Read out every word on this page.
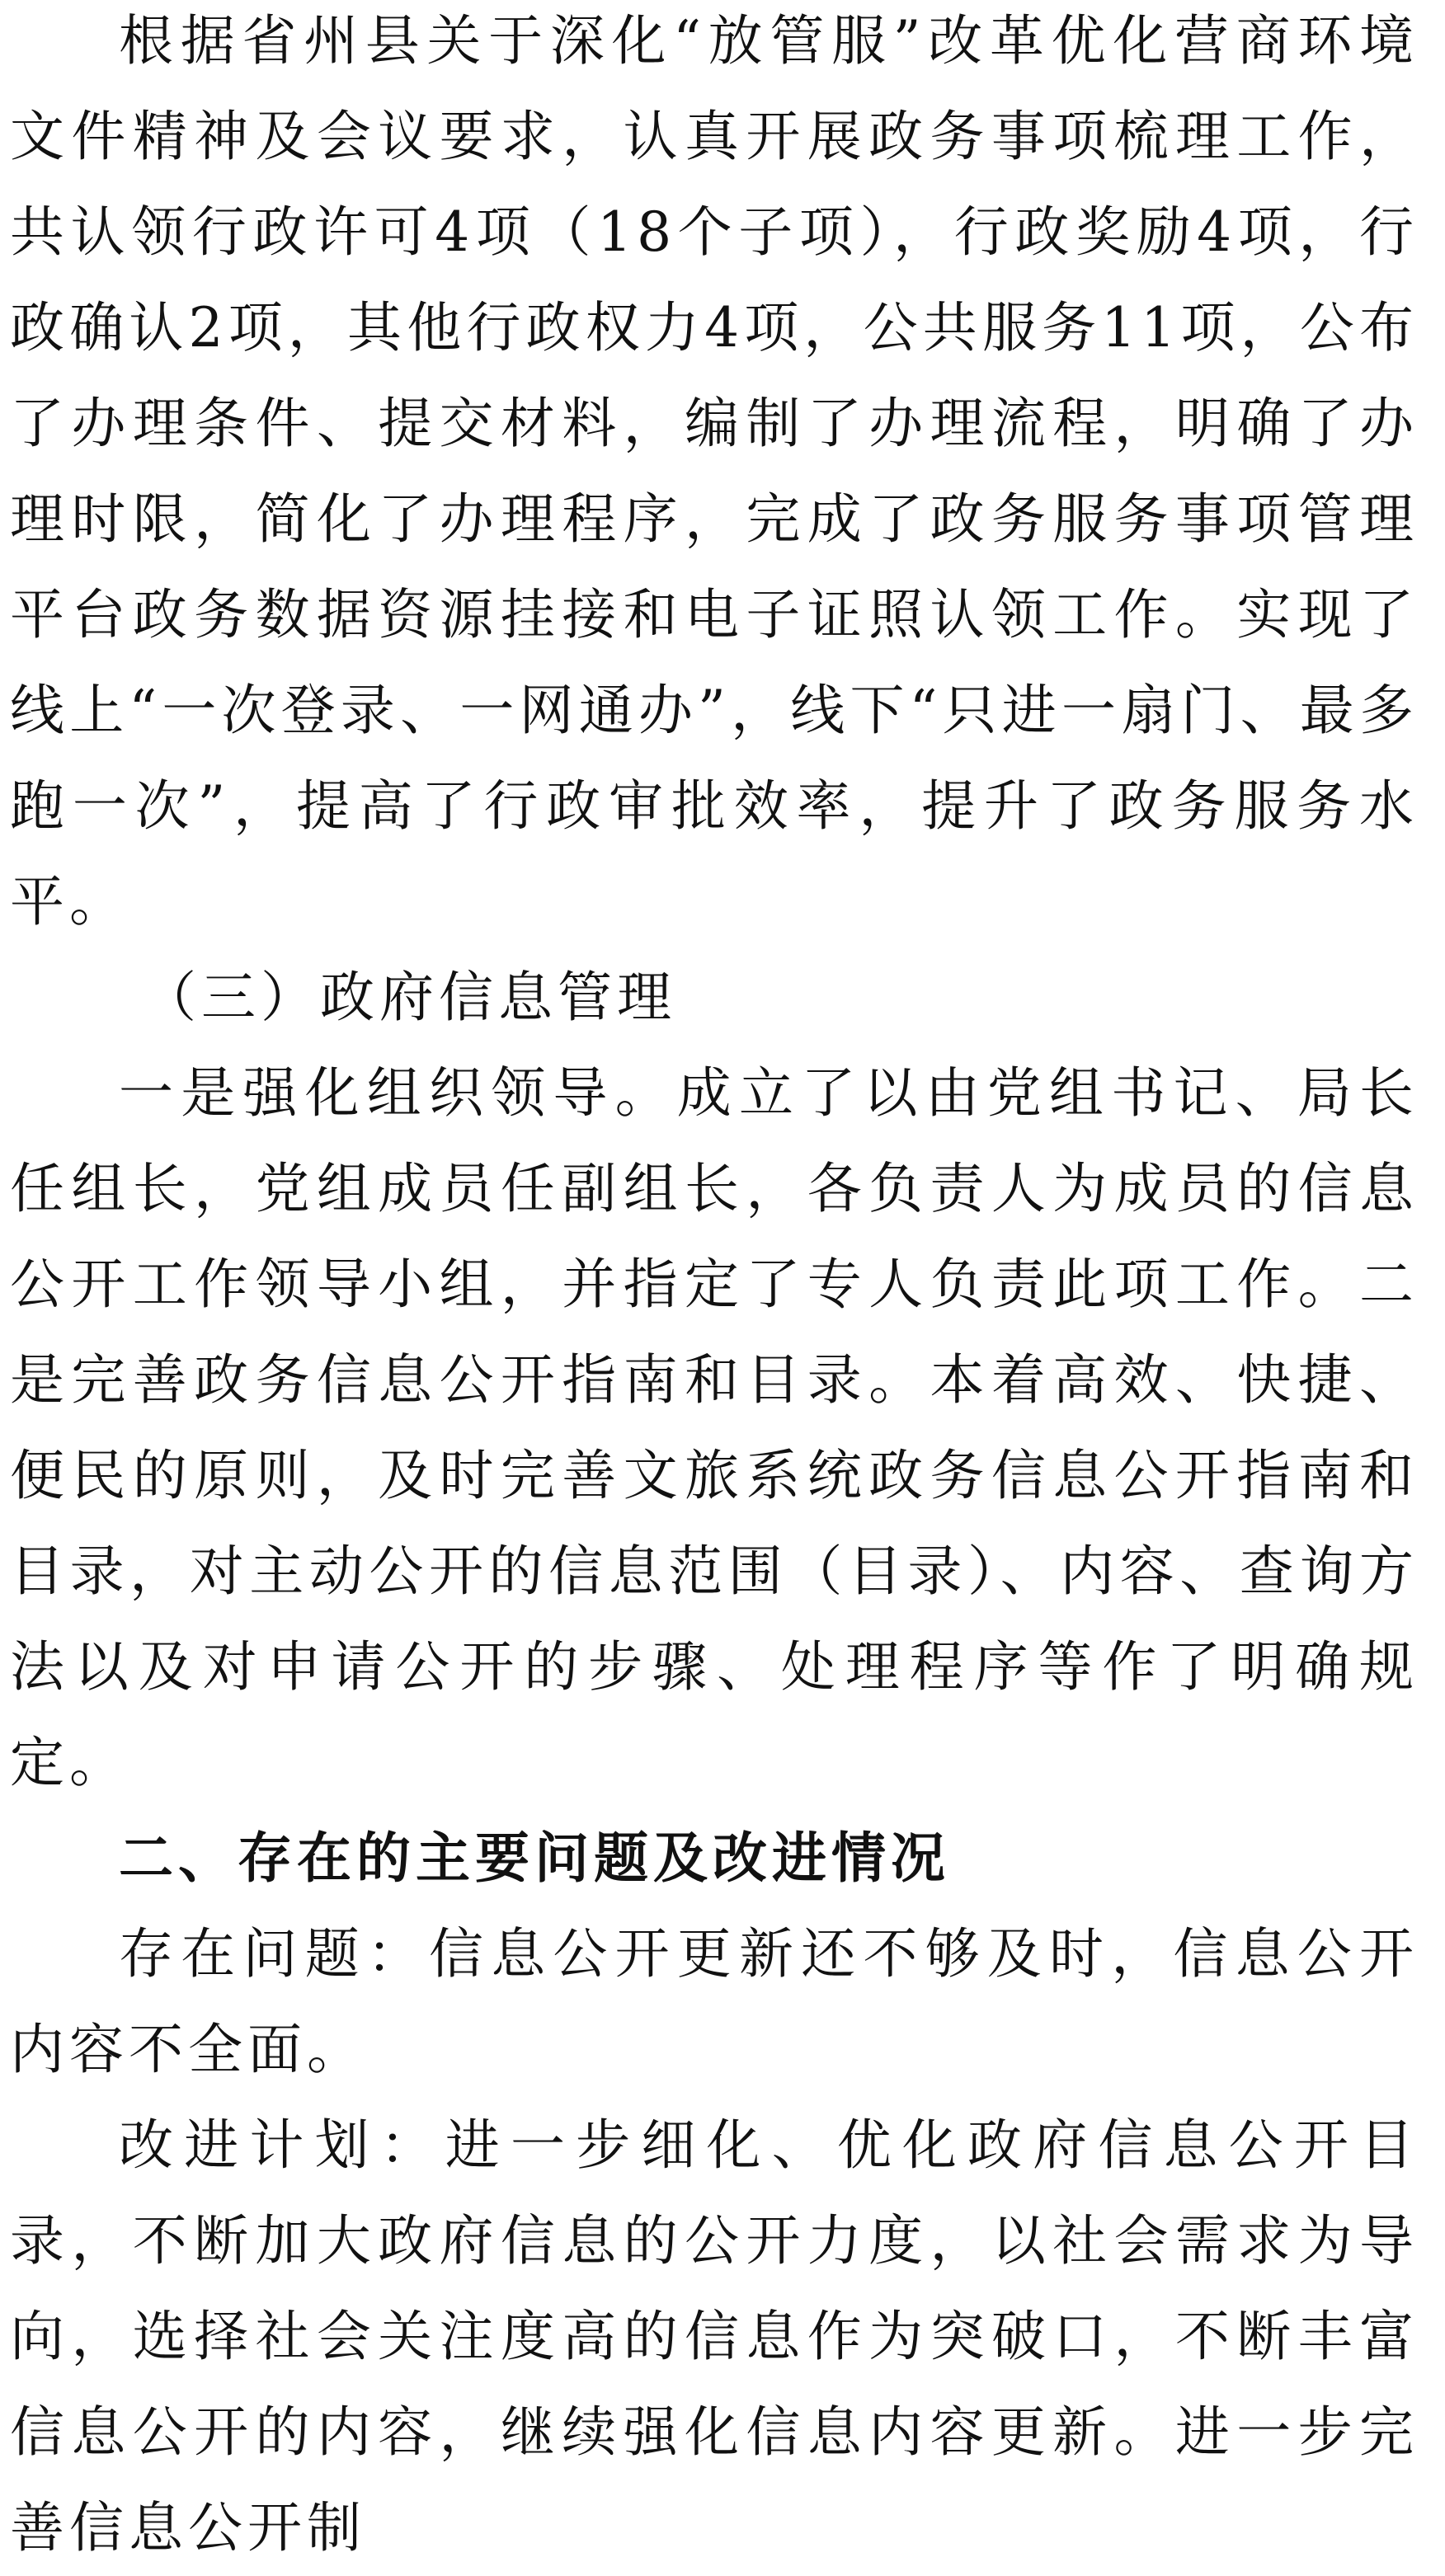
根据省州县关于深化“放管服”改革优化营商环境文件精神及会议要求，认真开展政务事项梳理工作，共认领行政许可4项（18个子项），行政奖励4项，行政确认2项，其他行政权力4项，公共服务11项，公布了办理条件、提交材料，编制了办理流程，明确了办理时限，简化了办理程序，完成了政务服务事项管理平台政务数据资源挂接和电子证照认领工作。实现了线上“一次登录、一网通办”，线下“只进一扇门、最多跑一次”，提高了行政审批效率，提升了政务服务水平。

（三）政府信息管理

一是强化组织领导。成立了以由党组书记、局长任组长，党组成员任副组长，各负责人为成员的信息公开工作领导小组，并指定了专人负责此项工作。二是完善政务信息公开指南和目录。本着高效、快捷、便民的原则，及时完善文旅系统政务信息公开指南和目录，对主动公开的信息范围（目录）、内容、查询方法以及对申请公开的步骤、处理程序等作了明确规定。

二、存在的主要问题及改进情况

存在问题：信息公开更新还不够及时，信息公开内容不全面。

改进计划：进一步细化、优化政府信息公开目录，不断加大政府信息的公开力度，以社会需求为导向，选择社会关注度高的信息作为突破口，不断丰富信息公开的内容，继续强化信息内容更新。进一步完善信息公开制
